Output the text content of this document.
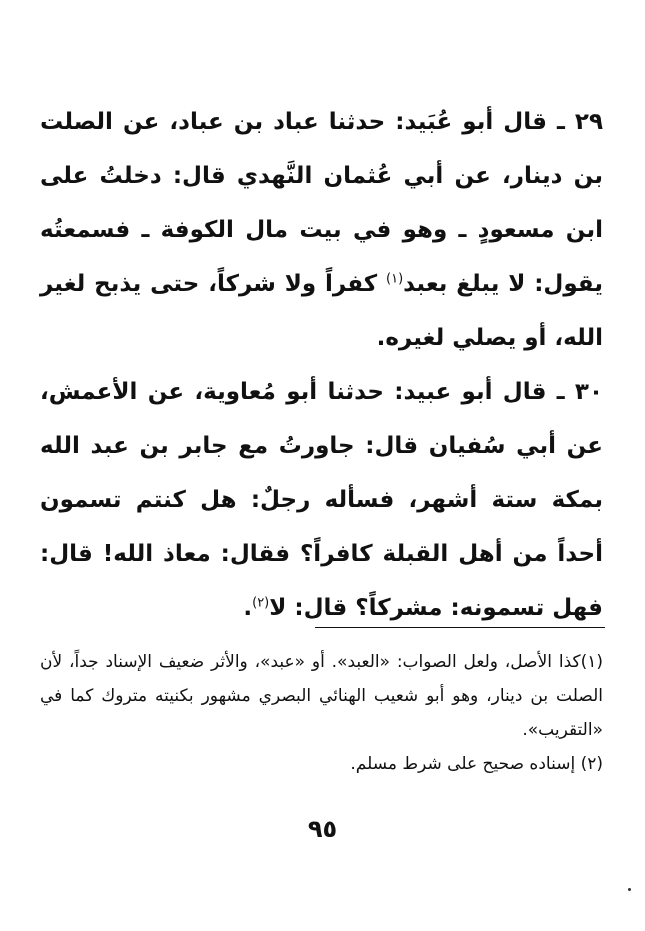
٢٩ ـ قال أبو عُبَيد: حدثنا عباد بن عباد، عن الصلت بن دينار، عن أبي عُثمان النَّهدي قال: دخلتُ على ابن مسعودٍ ـ وهو في بيت مال الكوفة ـ فسمعتُه يقول: لا يبلغ بعبد$^{(١)}$ كفراً ولا شركاً، حتى يذبح لغير الله، أو يصلي لغيره.

٣٠ ـ قال أبو عبيد: حدثنا أبو مُعاوية، عن الأعمش، عن أبي سُفيان قال: جاورتُ مع جابر بن عبد الله بمكة ستة أشهر، فسأله رجلٌ: هل كنتم تسمون أحداً من أهل القبلة كافراً؟ فقال: معاذ الله! قال: فهل تسمونه: مشركاً؟ قال: لا$^{(٢)}$.

(١)كذا الأصل، ولعل الصواب: «العبد». أو «عبد»، والأثر ضعيف الإسناد جداً، لأن الصلت بن دينار، وهو أبو شعيب الهنائي البصري مشهور بكنيته متروك كما في «التقريب».

(٢) إسناده صحيح على شرط مسلم.

٩٥
